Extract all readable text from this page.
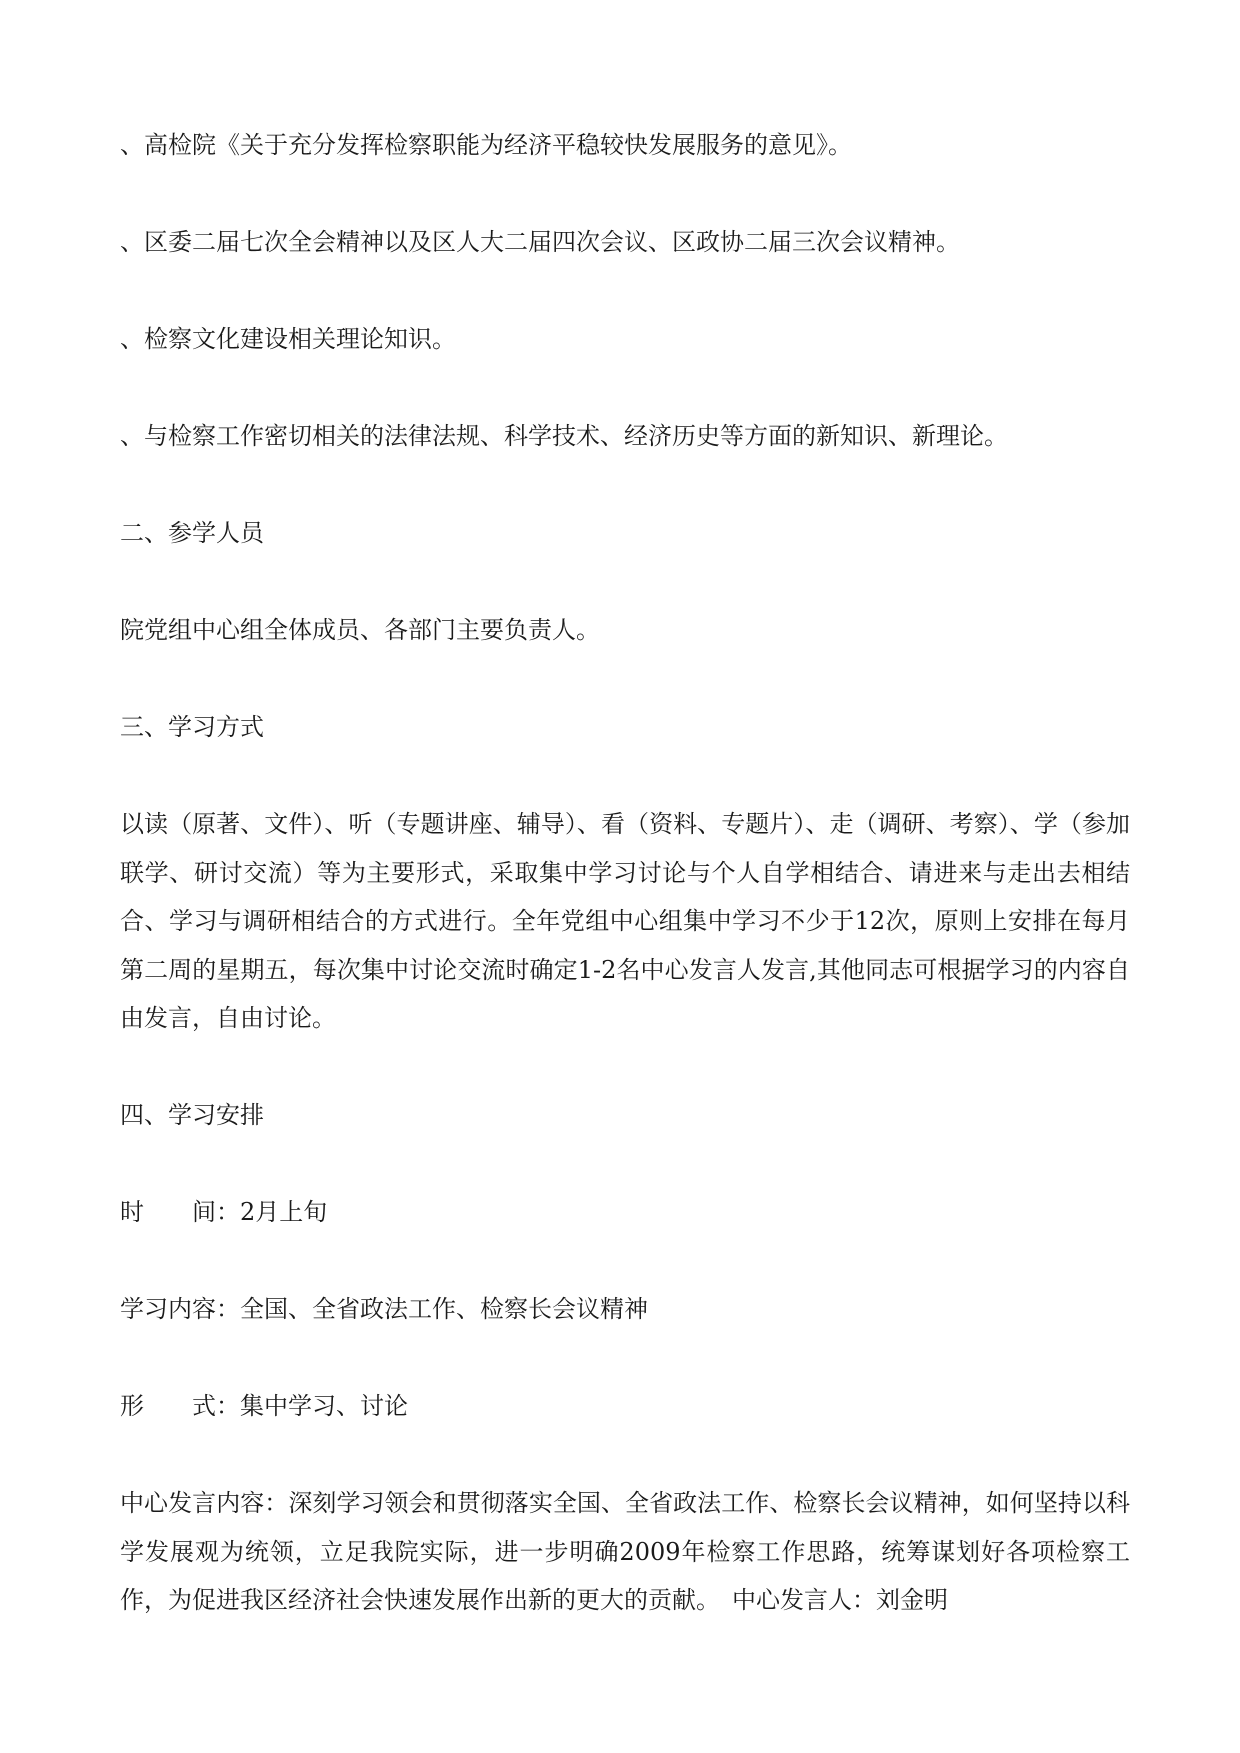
、高检院《关于充分发挥检察职能为经济平稳较快发展服务的意见》。
、区委二届七次全会精神以及区人大二届四次会议、区政协二届三次会议精神。
、检察文化建设相关理论知识。
、与检察工作密切相关的法律法规、科学技术、经济历史等方面的新知识、新理论。
二、参学人员
院党组中心组全体成员、各部门主要负责人。
三、学习方式
以读（原著、文件）、听（专题讲座、辅导）、看（资料、专题片）、走（调研、考察）、学（参加联学、研讨交流）等为主要形式，采取集中学习讨论与个人自学相结合、请进来与走出去相结合、学习与调研相结合的方式进行。全年党组中心组集中学习不少于12次，原则上安排在每月第二周的星期五，每次集中讨论交流时确定1-2名中心发言人发言,其他同志可根据学习的内容自由发言，自由讨论。
四、学习安排
时　　间：2月上旬
学习内容：全国、全省政法工作、检察长会议精神
形　　式：集中学习、讨论
中心发言内容：深刻学习领会和贯彻落实全国、全省政法工作、检察长会议精神，如何坚持以科学发展观为统领，立足我院实际，进一步明确2009年检察工作思路，统筹谋划好各项检察工作，为促进我区经济社会快速发展作出新的更大的贡献。　中心发言人：刘金明
